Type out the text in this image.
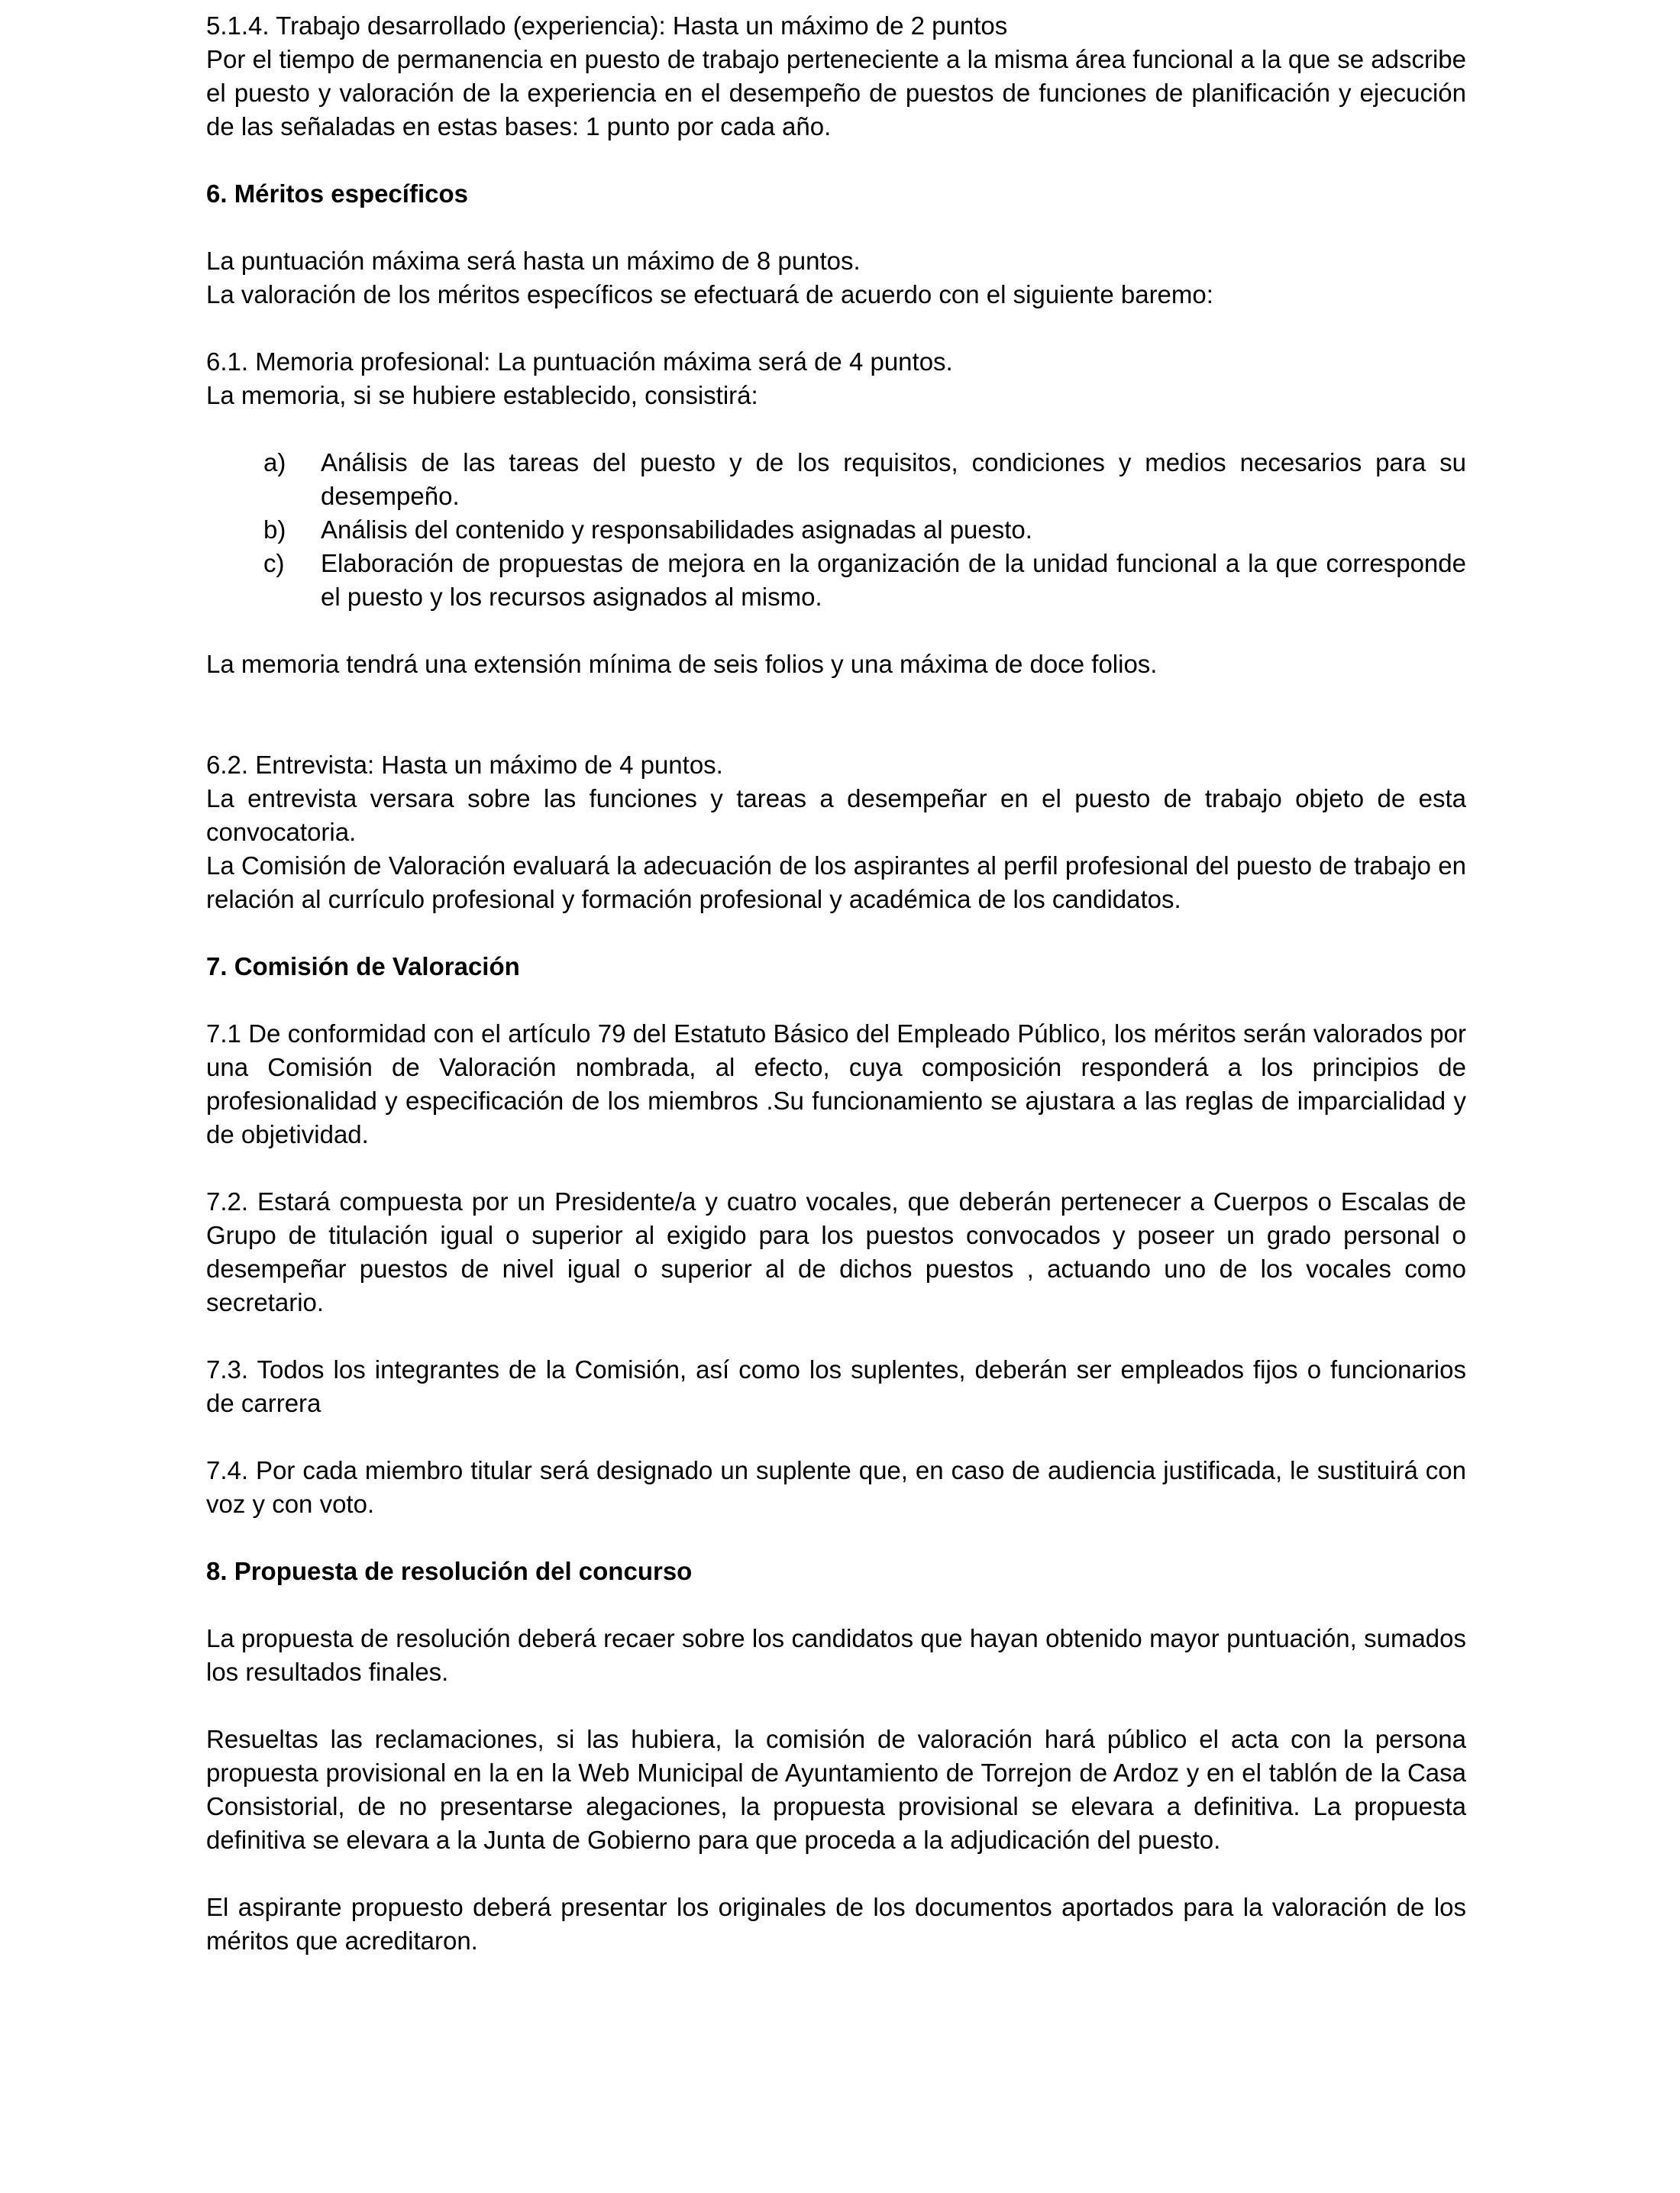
5.1.4. Trabajo desarrollado (experiencia): Hasta un máximo de 2 puntos

Por el tiempo de permanencia en puesto de trabajo perteneciente a la misma área funcional a la que se adscribe el puesto y valoración de la experiencia en el desempeño de puestos de funciones de planificación y ejecución de las señaladas en estas bases: 1 punto por cada año.

6. Méritos específicos

La puntuación máxima será hasta un máximo de 8 puntos.

La valoración de los méritos específicos se efectuará de acuerdo con el siguiente baremo:

6.1. Memoria profesional: La puntuación máxima será de 4 puntos.

La memoria, si se hubiere establecido, consistirá:

a) Análisis de las tareas del puesto y de los requisitos, condiciones y medios necesarios para su desempeño.
b) Análisis del contenido y responsabilidades asignadas al puesto.
c) Elaboración de propuestas de mejora en la organización de la unidad funcional a la que corresponde el puesto y los recursos asignados al mismo.

La memoria tendrá una extensión mínima de seis folios y una máxima de doce folios.

6.2. Entrevista: Hasta un máximo de 4 puntos.

La entrevista versara sobre las funciones y tareas a desempeñar en el puesto de trabajo objeto de esta convocatoria.

La Comisión de Valoración evaluará la adecuación de los aspirantes al perfil profesional del puesto de trabajo en relación al currículo profesional y formación profesional y académica de los candidatos.

7. Comisión de Valoración

7.1 De conformidad con el artículo 79 del Estatuto Básico del Empleado Público, los méritos serán valorados por una Comisión de Valoración nombrada, al efecto, cuya composición responderá a los principios de profesionalidad y especificación de los miembros .Su funcionamiento se ajustara a las reglas de imparcialidad y de objetividad.

7.2. Estará compuesta por un Presidente/a y cuatro vocales, que deberán pertenecer a Cuerpos o Escalas de Grupo de titulación igual o superior al exigido para los puestos convocados y poseer un grado personal o desempeñar puestos de nivel igual o superior al de dichos puestos , actuando uno de los vocales como secretario.

7.3. Todos los integrantes de la Comisión, así como los suplentes, deberán ser empleados fijos o funcionarios de carrera

7.4. Por cada miembro titular será designado un suplente que, en caso de audiencia justificada, le sustituirá con voz y con voto.

8. Propuesta de resolución del concurso

La propuesta de resolución deberá recaer sobre los candidatos que hayan obtenido mayor puntuación, sumados los resultados finales.

Resueltas las reclamaciones, si las hubiera, la comisión de valoración hará público el acta con la persona propuesta provisional en la en la Web Municipal de Ayuntamiento de Torrejon de Ardoz y en el tablón de la Casa Consistorial, de no presentarse alegaciones, la propuesta provisional se elevara a definitiva. La propuesta definitiva se elevara a la Junta de Gobierno para que proceda a la adjudicación del puesto.

El aspirante propuesto deberá presentar los originales de los documentos aportados para la valoración de los méritos que acreditaron.
